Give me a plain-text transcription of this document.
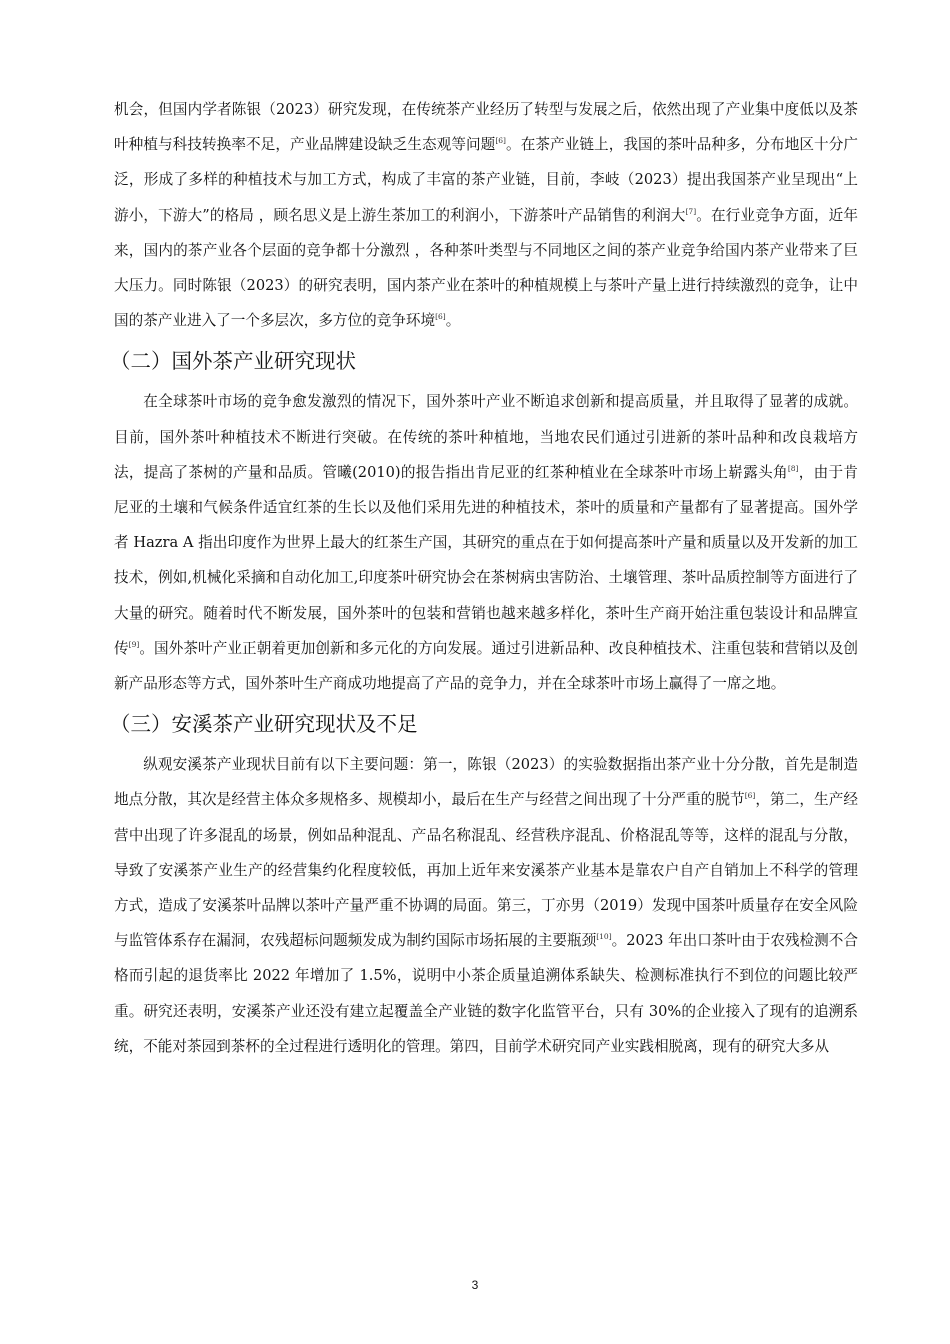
机会，但国内学者陈银（2023）研究发现，在传统茶产业经历了转型与发展之后，依然出现了产业集中度低以及茶叶种植与科技转换率不足，产业品牌建设缺乏生态观等问题[6]。在茶产业链上，我国的茶叶品种多，分布地区十分广泛，形成了多样的种植技术与加工方式，构成了丰富的茶产业链，目前，李岐（2023）提出我国茶产业呈现出“上游小，下游大”的格局 ，顾名思义是上游生茶加工的利润小，下游茶叶产品销售的利润大[7]。在行业竞争方面，近年来，国内的茶产业各个层面的竞争都十分激烈 ，各种茶叶类型与不同地区之间的茶产业竞争给国内茶产业带来了巨大压力。同时陈银（2023）的研究表明，国内茶产业在茶叶的种植规模上与茶叶产量上进行持续激烈的竞争，让中国的茶产业进入了一个多层次，多方位的竞争环境[6]。

（二）国外茶产业研究现状

在全球茶叶市场的竞争愈发激烈的情况下，国外茶叶产业不断追求创新和提高质量，并且取得了显著的成就。目前，国外茶叶种植技术不断进行突破。在传统的茶叶种植地，当地农民们通过引进新的茶叶品种和改良栽培方法，提高了茶树的产量和品质。管曦(2010)的报告指出肯尼亚的红茶种植业在全球茶叶市场上崭露头角[8]，由于肯尼亚的土壤和气候条件适宜红茶的生长以及他们采用先进的种植技术，茶叶的质量和产量都有了显著提高。国外学者 Hazra A 指出印度作为世界上最大的红茶生产国，其研究的重点在于如何提高茶叶产量和质量以及开发新的加工技术，例如,机械化采摘和自动化加工,印度茶叶研究协会在茶树病虫害防治、土壤管理、茶叶品质控制等方面进行了大量的研究。随着时代不断发展，国外茶叶的包装和营销也越来越多样化，茶叶生产商开始注重包装设计和品牌宣传[9]。国外茶叶产业正朝着更加创新和多元化的方向发展。通过引进新品种、改良种植技术、注重包装和营销以及创新产品形态等方式，国外茶叶生产商成功地提高了产品的竞争力，并在全球茶叶市场上赢得了一席之地。

（三）安溪茶产业研究现状及不足

纵观安溪茶产业现状目前有以下主要问题：第一，陈银（2023）的实验数据指出茶产业十分分散，首先是制造地点分散，其次是经营主体众多规格多、规模却小，最后在生产与经营之间出现了十分严重的脱节[6]，第二，生产经营中出现了许多混乱的场景，例如品种混乱、产品名称混乱、经营秩序混乱、价格混乱等等，这样的混乱与分散，导致了安溪茶产业生产的经营集约化程度较低，再加上近年来安溪茶产业基本是靠农户自产自销加上不科学的管理方式，造成了安溪茶叶品牌以茶叶产量严重不协调的局面。第三，丁亦男（2019）发现中国茶叶质量存在安全风险与监管体系存在漏洞，农残超标问题频发成为制约国际市场拓展的主要瓶颈[10]。2023 年出口茶叶由于农残检测不合格而引起的退货率比 2022 年增加了 1.5%，说明中小茶企质量追溯体系缺失、检测标准执行不到位的问题比较严重。研究还表明，安溪茶产业还没有建立起覆盖全产业链的数字化监管平台，只有 30%的企业接入了现有的追溯系统，不能对茶园到茶杯的全过程进行透明化的管理。第四，目前学术研究同产业实践相脱离，现有的研究大多从

3
